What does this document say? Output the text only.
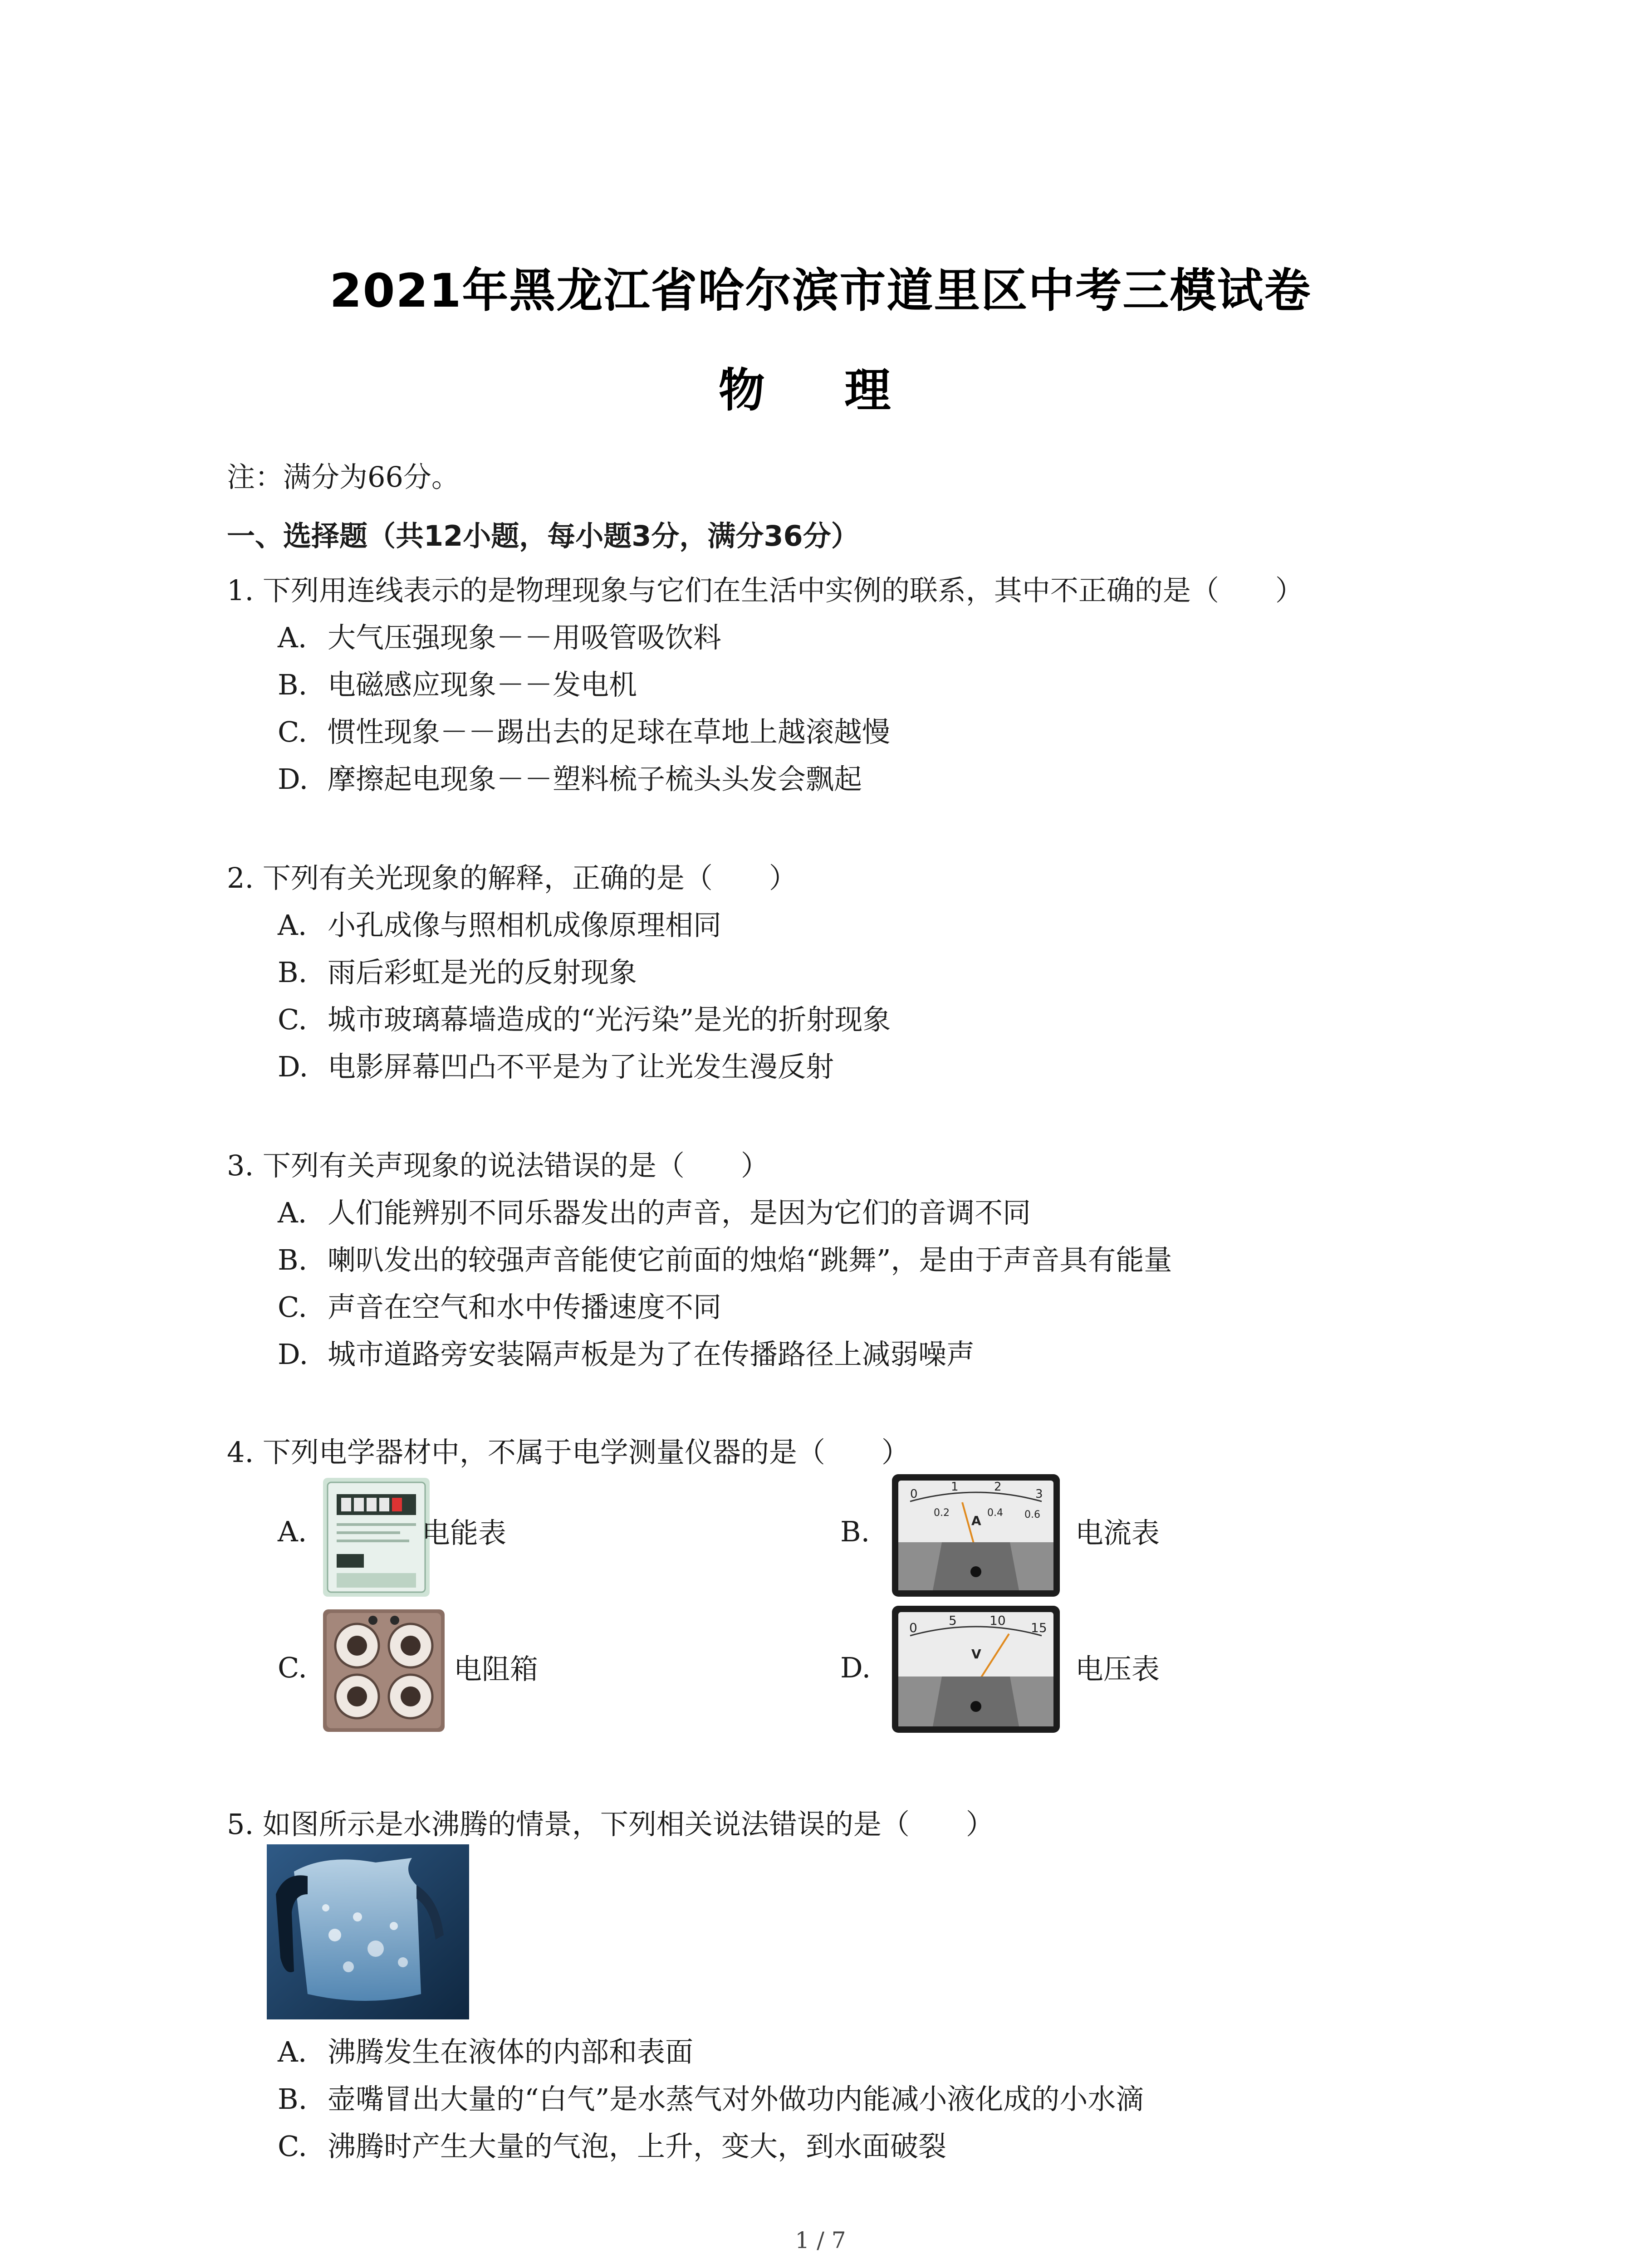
2021年黑龙江省哈尔滨市道里区中考三模试卷
物 理
注：满分为66分。
一、选择题（共12小题，每小题3分，满分36分）
1. 下列用连线表示的是物理现象与它们在生活中实例的联系，其中不正确的是（　　）
A. 大气压强现象－－用吸管吸饮料
B. 电磁感应现象－－发电机
C. 惯性现象－－踢出去的足球在草地上越滚越慢
D. 摩擦起电现象－－塑料梳子梳头头发会飘起
2. 下列有关光现象的解释，正确的是（　　）
A. 小孔成像与照相机成像原理相同
B. 雨后彩虹是光的反射现象
C. 城市玻璃幕墙造成的“光污染”是光的折射现象
D. 电影屏幕凹凸不平是为了让光发生漫反射
3. 下列有关声现象的说法错误的是（　　）
A. 人们能辨别不同乐器发出的声音，是因为它们的音调不同
B. 喇叭发出的较强声音能使它前面的烛焰“跳舞”，是由于声音具有能量
C. 声音在空气和水中传播速度不同
D. 城市道路旁安装隔声板是为了在传播路径上减弱噪声
4. 下列电学器材中，不属于电学测量仪器的是（　　）
A.	电能表	B.
0
1	2
3
0.2	0.4 0.6
A	电流表
C.	电阻箱	D.
0 5	10 15
V	电压表
5. 如图所示是水沸腾的情景，下列相关说法错误的是（　　）
A. 沸腾发生在液体的内部和表面
B. 壶嘴冒出大量的“白气”是水蒸气对外做功内能减小液化成的小水滴
C. 沸腾时产生大量的气泡，上升，变大，到水面破裂
1 / 7
